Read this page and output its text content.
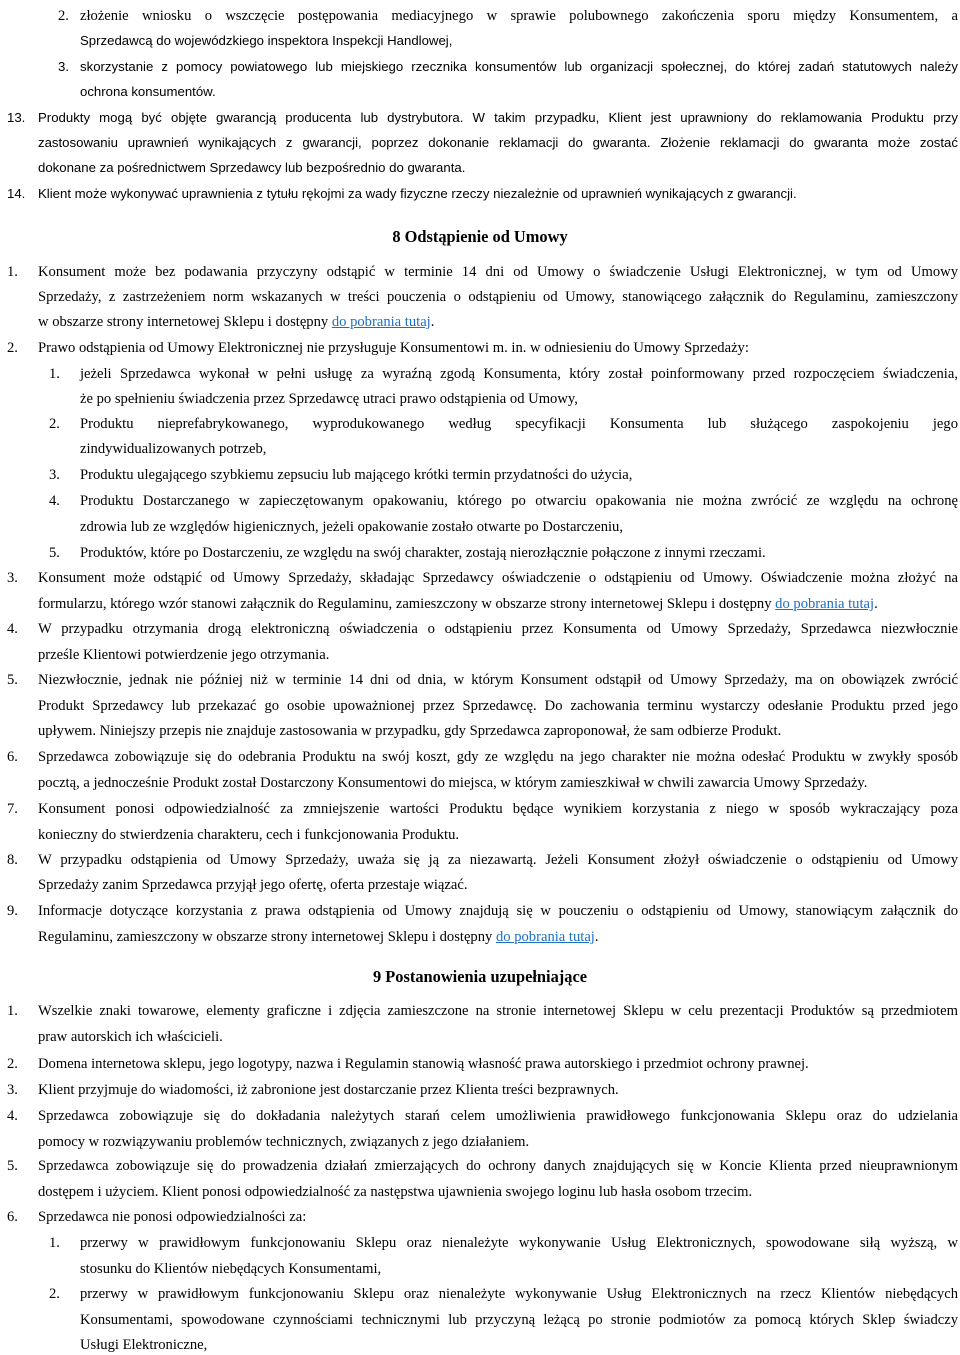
2. złożenie wniosku o wszczęcie postępowania mediacyjnego w sprawie polubownego zakończenia sporu między Konsumentem, a
Sprzedawcą do wojewódzkiego inspektora Inspekcji Handlowej,
3. skorzystanie z pomocy powiatowego lub miejskiego rzecznika konsumentów lub organizacji społecznej, do której zadań statutowych należy
ochrona konsumentów.
13. Produkty mogą być objęte gwarancją producenta lub dystrybutora. W takim przypadku, Klient jest uprawniony do reklamowania Produktu przy
zastosowaniu uprawnień wynikających z gwarancji, poprzez dokonanie reklamacji do gwaranta. Złożenie reklamacji do gwaranta może zostać
dokonane za pośrednictwem Sprzedawcy lub bezpośrednio do gwaranta.
14. Klient może wykonywać uprawnienia z tytułu rękojmi za wady fizyczne rzeczy niezależnie od uprawnień wynikających z gwarancji.
1. Konsument może bez podawania przyczyny odstąpić w terminie 14 dni od Umowy o świadczenie Usługi Elektronicznej, w tym od Umowy
Sprzedaży, z zastrzeżeniem norm wskazanych w treści pouczenia o odstąpieniu od Umowy, stanowiącego załącznik do Regulaminu, zamieszczony
w obszarze strony internetowej Sklepu i dostępny do pobrania tutaj.
2. Prawo odstąpienia od Umowy Elektronicznej nie przysługuje Konsumentowi m. in. w odniesieniu do Umowy Sprzedaży:
1. jeżeli Sprzedawca wykonał w pełni usługę za wyraźną zgodą Konsumenta, który został poinformowany przed rozpoczęciem świadczenia,
że po spełnieniu świadczenia przez Sprzedawcę utraci prawo odstąpienia od Umowy,
2. Produktu nieprefabrykowanego, wyprodukowanego według specyfikacji Konsumenta lub służącego zaspokojeniu jego
zindywidualizowanych potrzeb,
3. Produktu ulegającego szybkiemu zepsuciu lub mającego krótki termin przydatności do użycia,
4. Produktu Dostarczanego w zapieczętowanym opakowaniu, którego po otwarciu opakowania nie można zwrócić ze względu na ochronę
zdrowia lub ze względów higienicznych, jeżeli opakowanie zostało otwarte po Dostarczeniu,
5. Produktów, które po Dostarczeniu, ze względu na swój charakter, zostają nierozłącznie połączone z innymi rzeczami.
3. Konsument może odstąpić od Umowy Sprzedaży, składając Sprzedawcy oświadczenie o odstąpieniu od Umowy. Oświadczenie można złożyć na
formularzu, którego wzór stanowi załącznik do Regulaminu, zamieszczony w obszarze strony internetowej Sklepu i dostępny do pobrania tutaj.
4. W przypadku otrzymania drogą elektroniczną oświadczenia o odstąpieniu przez Konsumenta od Umowy Sprzedaży, Sprzedawca niezwłocznie
prześle Klientowi potwierdzenie jego otrzymania.
5. Niezwłocznie, jednak nie później niż w terminie 14 dni od dnia, w którym Konsument odstąpił od Umowy Sprzedaży, ma on obowiązek zwrócić
Produkt Sprzedawcy lub przekazać go osobie upoważnionej przez Sprzedawcę. Do zachowania terminu wystarczy odesłanie Produktu przed jego
upływem. Niniejszy przepis nie znajduje zastosowania w przypadku, gdy Sprzedawca zaproponował, że sam odbierze Produkt.
6. Sprzedawca zobowiązuje się do odebrania Produktu na swój koszt, gdy ze względu na jego charakter nie można odesłać Produktu w zwykły sposób
pocztą, a jednocześnie Produkt został Dostarczony Konsumentowi do miejsca, w którym zamieszkiwał w chwili zawarcia Umowy Sprzedaży.
7. Konsument ponosi odpowiedzialność za zmniejszenie wartości Produktu będące wynikiem korzystania z niego w sposób wykraczający poza
konieczny do stwierdzenia charakteru, cech i funkcjonowania Produktu.
8. W przypadku odstąpienia od Umowy Sprzedaży, uważa się ją za niezawartą. Jeżeli Konsument złożył oświadczenie o odstąpieniu od Umowy
Sprzedaży zanim Sprzedawca przyjął jego ofertę, oferta przestaje wiązać.
9. Informacje dotyczące korzystania z prawa odstąpienia od Umowy znajdują się w pouczeniu o odstąpieniu od Umowy, stanowiącym załącznik do
Regulaminu, zamieszczony w obszarze strony internetowej Sklepu i dostępny do pobrania tutaj.
1. Wszelkie znaki towarowe, elementy graficzne i zdjęcia zamieszczone na stronie internetowej Sklepu w celu prezentacji Produktów są przedmiotem
praw autorskich ich właścicieli.
2. Domena internetowa sklepu, jego logotypy, nazwa i Regulamin stanowią własność prawa autorskiego i przedmiot ochrony prawnej.
3. Klient przyjmuje do wiadomości, iż zabronione jest dostarczanie przez Klienta treści bezprawnych.
4. Sprzedawca zobowiązuje się do dokładania należytych starań celem umożliwienia prawidłowego funkcjonowania Sklepu oraz do udzielania
pomocy w rozwiązywaniu problemów technicznych, związanych z jego działaniem.
5. Sprzedawca zobowiązuje się do prowadzenia działań zmierzających do ochrony danych znajdujących się w Koncie Klienta przed nieuprawnionym
dostępem i użyciem. Klient ponosi odpowiedzialność za następstwa ujawnienia swojego loginu lub hasła osobom trzecim.
6. Sprzedawca nie ponosi odpowiedzialności za:
1. przerwy w prawidłowym funkcjonowaniu Sklepu oraz nienależyte wykonywanie Usług Elektronicznych, spowodowane siłą wyższą, w
stosunku do Klientów niebędących Konsumentami,
2. przerwy w prawidłowym funkcjonowaniu Sklepu oraz nienależyte wykonywanie Usług Elektronicznych na rzecz Klientów niebędących
Konsumentami, spowodowane czynnościami technicznymi lub przyczyną leżącą po stronie podmiotów za pomocą których Sklep świadczy
Usługi Elektroniczne,
8 Odstąpienie od Umowy
9 Postanowienia uzupełniające
